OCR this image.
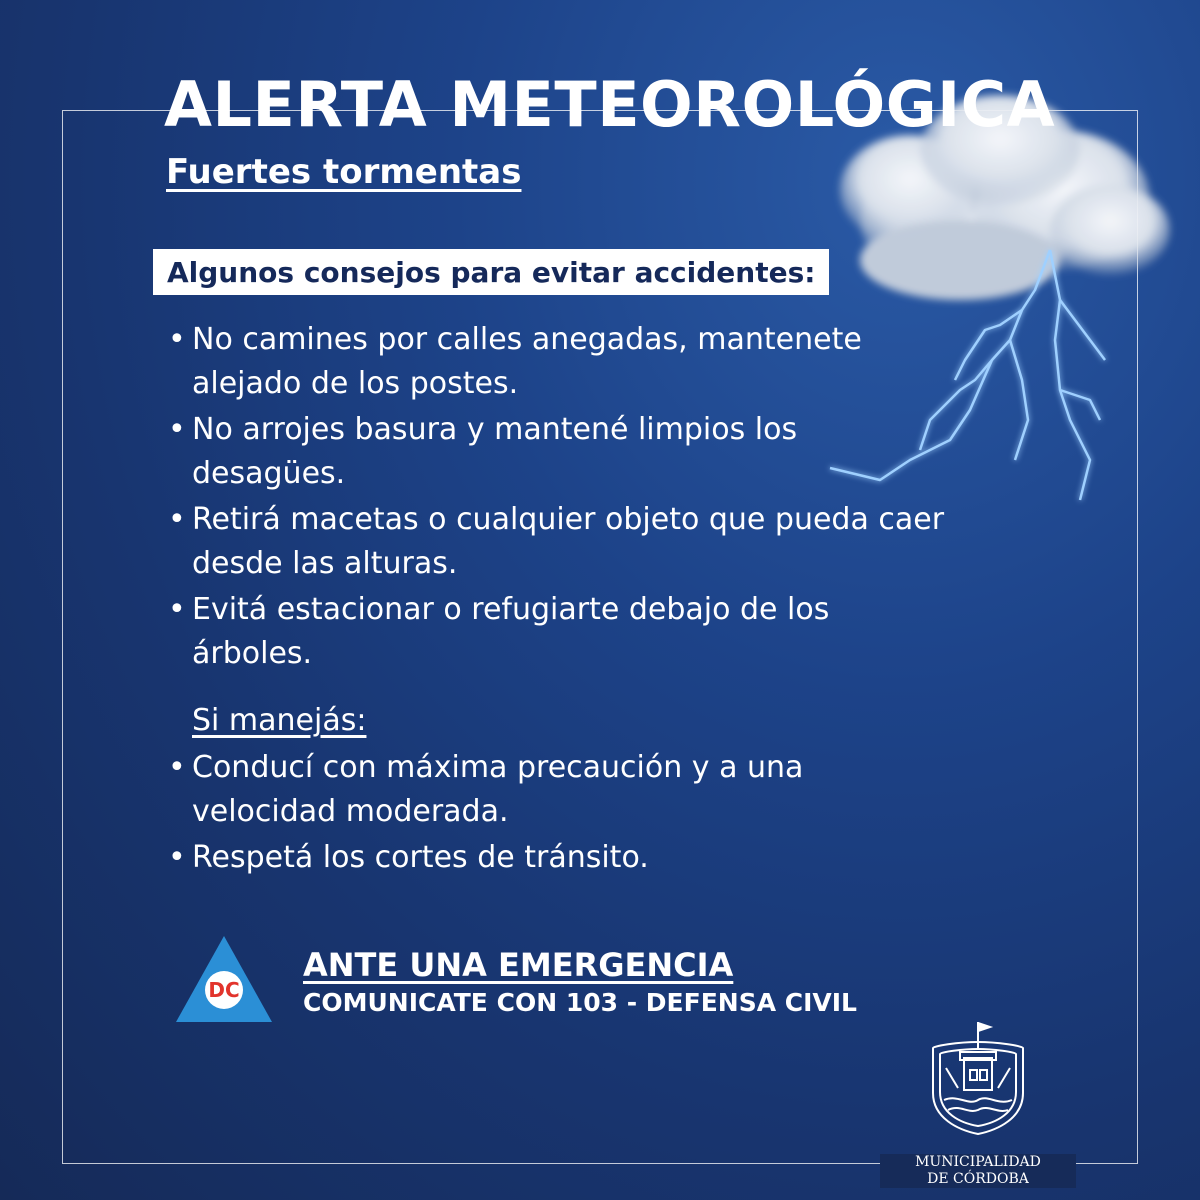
ALERTA METEOROLÓGICA
Fuertes tormentas
Algunos consejos para evitar accidentes:
• No camines por calles anegadas, mantenete alejado de los postes.
• No arrojes basura y mantené limpios los desagües.
• Retirá macetas o cualquier objeto que pueda caer desde las alturas.
• Evitá estacionar o refugiarte debajo de los árboles.

Si manejás:

• Conducí con máxima precaución y a una velocidad moderada.
• Respetá los cortes de tránsito.
DC

ANTE UNA EMERGENCIA

COMUNICATE CON 103 - DEFENSA CIVIL

MUNICIPALIDAD
DE CÓRDOBA
